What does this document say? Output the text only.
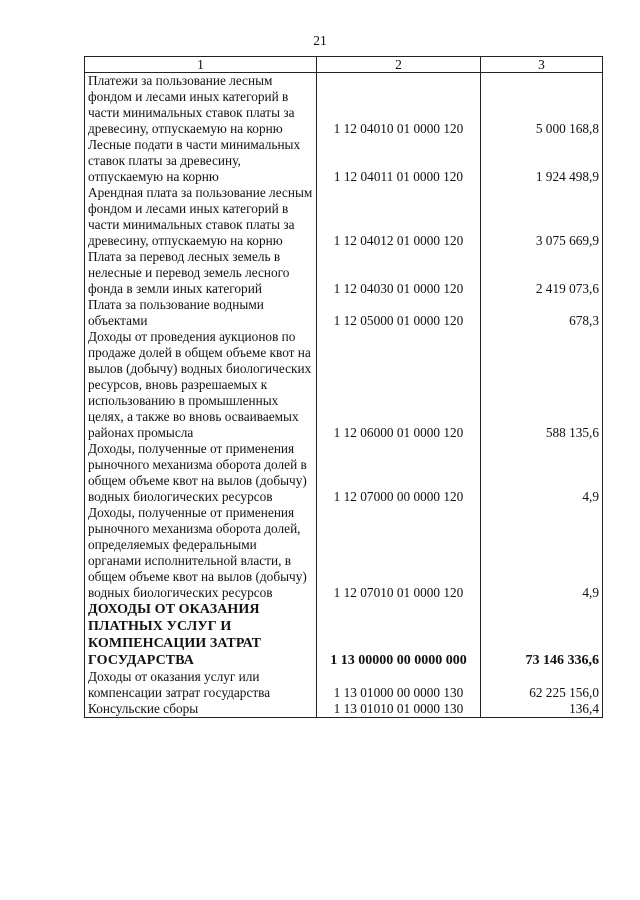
21
1	2	3
Платежи за пользование лесным фондом и лесами иных категорий в части минимальных ставок платы за древесину, отпускаемую на корню	1 12 04010 01 0000 120	5 000 168,8
Лесные подати в части минимальных ставок платы за древесину, отпускаемую на корню	1 12 04011 01 0000 120	1 924 498,9
Арендная плата за пользование лесным фондом и лесами иных категорий в части минимальных ставок платы за древесину, отпускаемую на корню	1 12 04012 01 0000 120	3 075 669,9
Плата за перевод лесных земель в нелесные и перевод земель лесного фонда в земли иных категорий	1 12 04030 01 0000 120	2 419 073,6
Плата за пользование водными объектами	1 12 05000 01 0000 120	678,3
Доходы от проведения аукционов по продаже долей в общем объеме квот на вылов (добычу) водных биологических ресурсов, вновь разрешаемых к использованию в промышленных целях, а также во вновь осваиваемых районах промысла	1 12 06000 01 0000 120	588 135,6
Доходы, полученные от применения рыночного механизма оборота долей в общем объеме квот на вылов (добычу) водных биологических ресурсов	1 12 07000 00 0000 120	4,9
Доходы, полученные от применения рыночного механизма оборота долей, определяемых федеральными органами исполнительной власти, в общем объеме квот на вылов (добычу) водных биологических ресурсов	1 12 07010 01 0000 120	4,9
ДОХОДЫ ОТ ОКАЗАНИЯ ПЛАТНЫХ УСЛУГ И КОМПЕНСАЦИИ ЗАТРАТ ГОСУДАРСТВА	1 13 00000 00 0000 000	73 146 336,6
Доходы от оказания услуг или компенсации затрат государства	1 13 01000 00 0000 130	62 225 156,0
Консульские сборы	1 13 01010 01 0000 130	136,4
